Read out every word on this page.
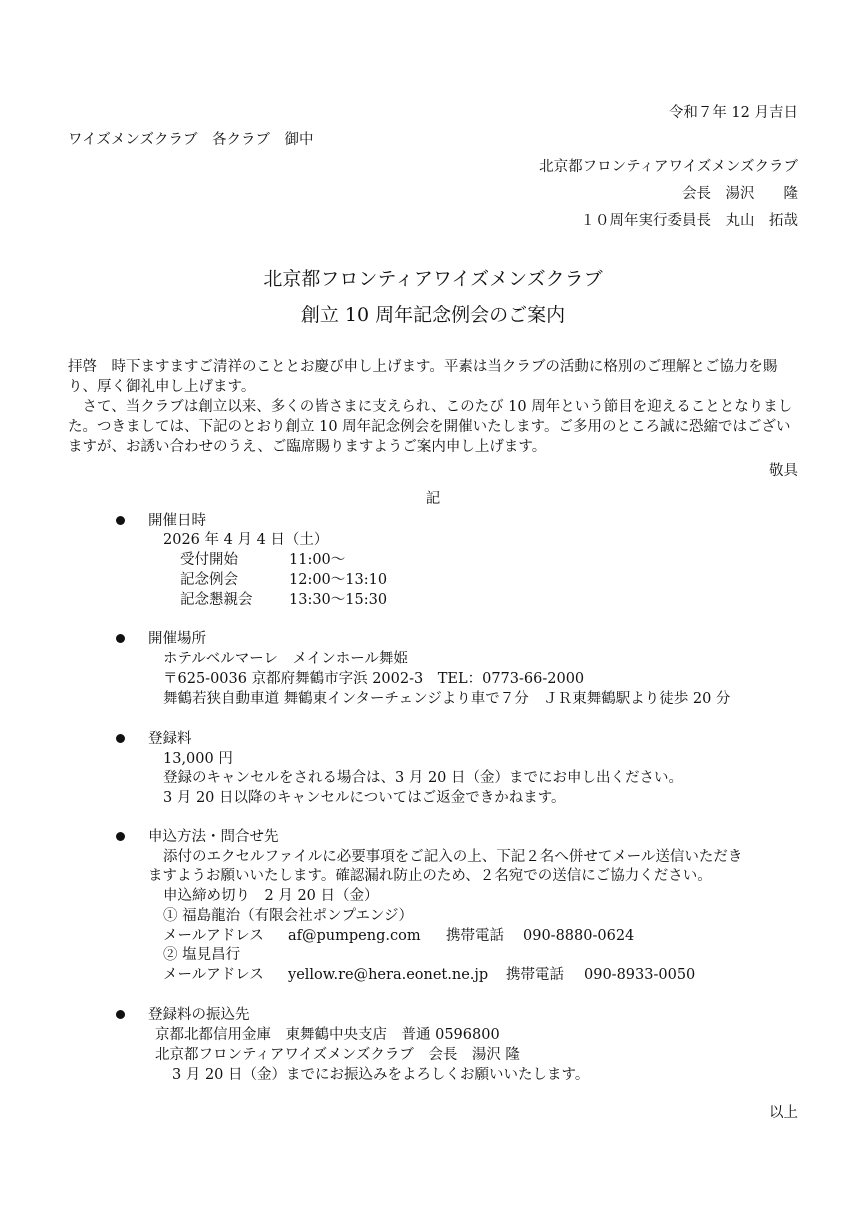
令和７年 12 月吉日
ワイズメンズクラブ　各クラブ　御中
北京都フロンティアワイズメンズクラブ
会長　湯沢　　隆
１０周年実行委員長　丸山　拓哉
北京都フロンティアワイズメンズクラブ
創立 10 周年記念例会のご案内
拝啓　時下ますますご清祥のこととお慶び申し上げます。平素は当クラブの活動に格別のご理解とご協力を賜り、厚く御礼申し上げます。
　さて、当クラブは創立以来、多くの皆さまに支えられ、このたび 10 周年という節目を迎えることとなりました。つきましては、下記のとおり創立 10 周年記念例会を開催いたします。ご多用のところ誠に恐縮ではございますが、お誘い合わせのうえ、ご臨席賜りますようご案内申し上げます。
敬具
記
開催日時
2026 年 4 月 4 日（土）
受付開始	11:00～
記念例会	12:00～13:10
記念懇親会	13:30～15:30
開催場所
ホテルベルマーレ　メインホール舞姫
〒625-0036 京都府舞鶴市字浜 2002-3　TEL：0773-66-2000
舞鶴若狭自動車道 舞鶴東インターチェンジより車で７分　ＪＲ東舞鶴駅より徒歩 20 分
登録料
13,000 円
登録のキャンセルをされる場合は、3 月 20 日（金）までにお申し出ください。
3 月 20 日以降のキャンセルについてはご返金できかねます。
申込方法・問合せ先
添付のエクセルファイルに必要事項をご記入の上、下記２名へ併せてメール送信いただき
ますようお願いいたします。確認漏れ防止のため、２名宛での送信にご協力ください。
申込締め切り　2 月 20 日（金）
① 福島龍治（有限会社ポンプエンジ）
メールアドレス af@pumpeng.com 携帯電話 090-8880-0624
② 塩見昌行
メールアドレス yellow.re@hera.eonet.ne.jp 携帯電話 090-8933-0050
登録料の振込先
京都北都信用金庫　東舞鶴中央支店　普通 0596800
北京都フロンティアワイズメンズクラブ　会長　湯沢 隆
3 月 20 日（金）までにお振込みをよろしくお願いいたします。
以上
